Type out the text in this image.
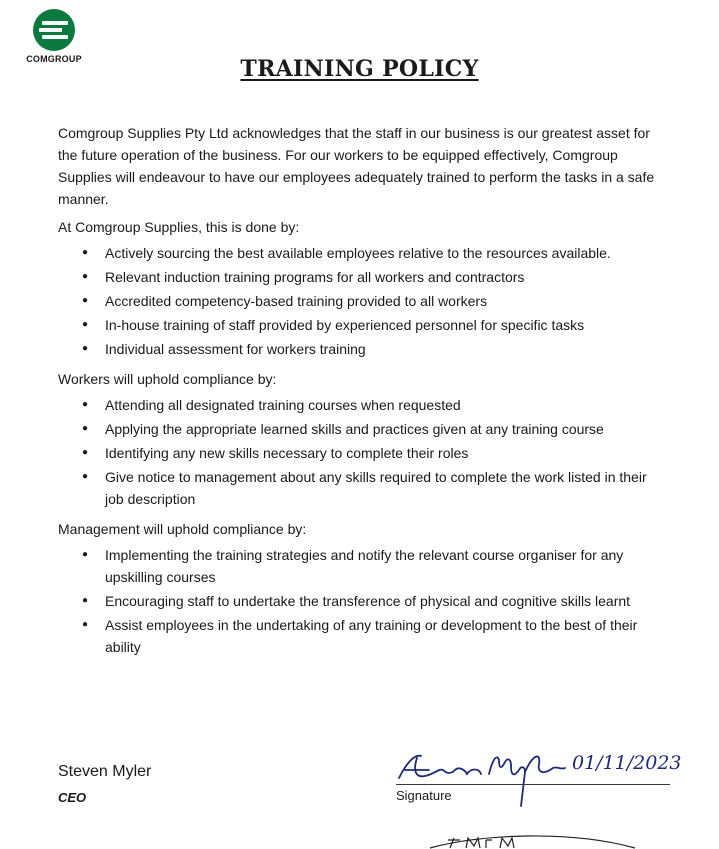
COMGROUP	TRAINING POLICY

Comgroup Supplies Pty Ltd acknowledges that the staff in our business is our greatest asset for the future operation of the business. For our workers to be equipped effectively, Comgroup Supplies will endeavour to have our employees adequately trained to perform the tasks in a safe manner.

At Comgroup Supplies, this is done by:

● Actively sourcing the best available employees relative to the resources available.
● Relevant induction training programs for all workers and contractors
● Accredited competency-based training provided to all workers
● In-house training of staff provided by experienced personnel for specific tasks
● Individual assessment for workers training

Workers will uphold compliance by:

● Attending all designated training courses when requested
● Applying the appropriate learned skills and practices given at any training course
● Identifying any new skills necessary to complete their roles
● Give notice to management about any skills required to complete the work listed in their job description

Management will uphold compliance by:

● Implementing the training strategies and notify the relevant course organiser for any upskilling courses
● Encouraging staff to undertake the transference of physical and cognitive skills learnt
● Assist employees in the undertaking of any training or development to the best of their ability
Steven Myler
CEO
01/11/2023
Signature
